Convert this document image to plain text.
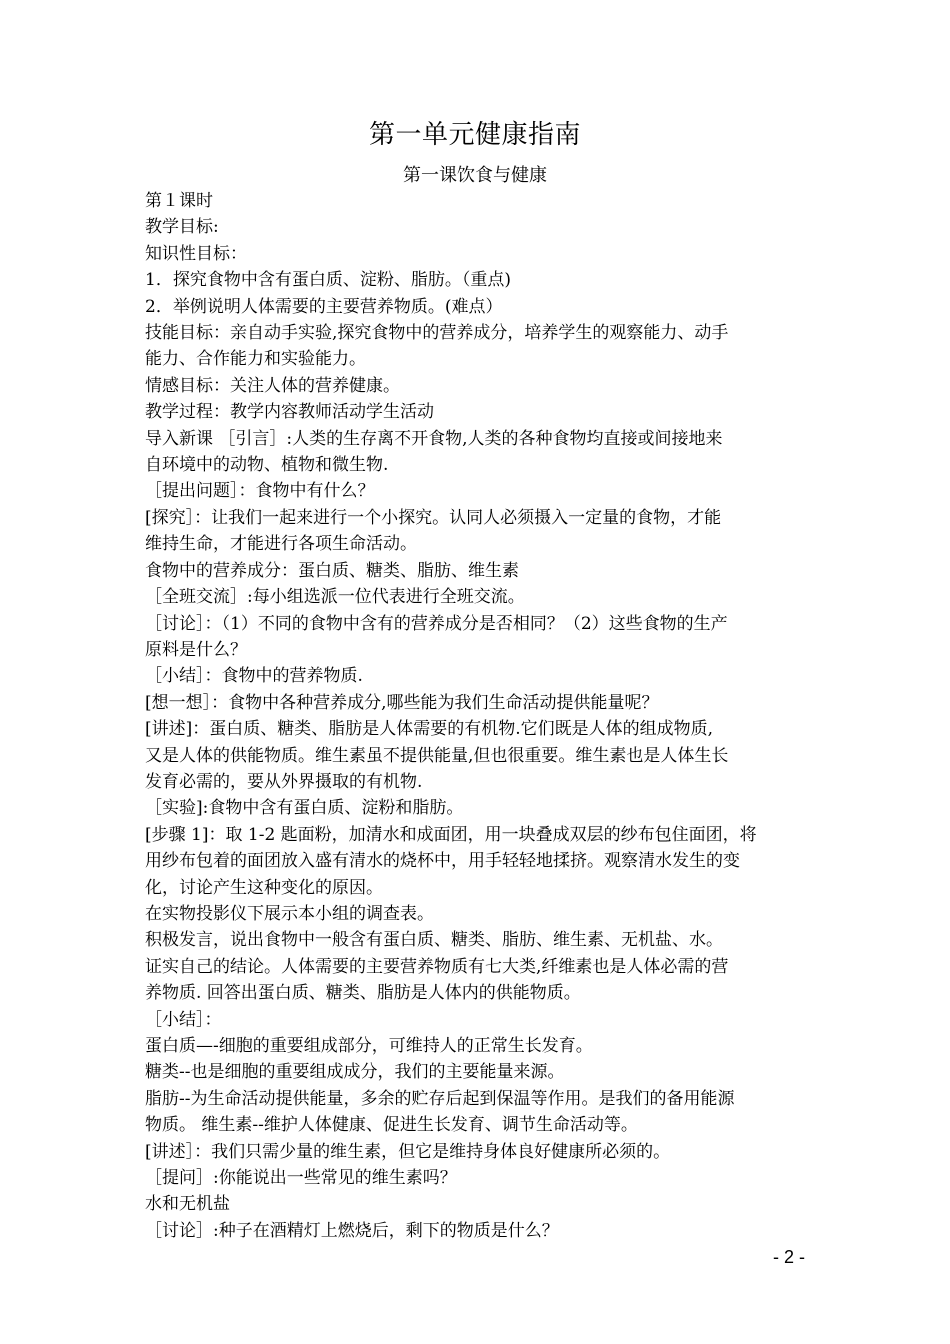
第一单元健康指南
第一课饮食与健康
第１课时
教学目标:
知识性目标：
1．探究食物中含有蛋白质、淀粉、脂肪。（重点)
2．举例说明人体需要的主要营养物质。(难点）
技能目标：亲自动手实验,探究食物中的营养成分，培养学生的观察能力、动手
能力、合作能力和实验能力。
情感目标：关注人体的营养健康。
教学过程：教学内容教师活动学生活动
导入新课 ［引言］:人类的生存离不开食物,人类的各种食物均直接或间接地来
自环境中的动物、植物和微生物.
［提出问题］：食物中有什么？
[探究］：让我们一起来进行一个小探究。认同人必须摄入一定量的食物，才能
维持生命，才能进行各项生命活动。
食物中的营养成分：蛋白质、糖类、脂肪、维生素
［全班交流］:每小组选派一位代表进行全班交流。
［讨论］：（1）不同的食物中含有的营养成分是否相同？（2）这些食物的生产
原料是什么？
［小结］：食物中的营养物质.
[想一想］：食物中各种营养成分,哪些能为我们生命活动提供能量呢？
[讲述]：蛋白质、糖类、脂肪是人体需要的有机物.它们既是人体的组成物质,
又是人体的供能物质。维生素虽不提供能量,但也很重要。维生素也是人体生长
发育必需的，要从外界摄取的有机物.
［实验]:食物中含有蛋白质、淀粉和脂肪。
[步骤 1]：取 1-2 匙面粉，加清水和成面团，用一块叠成双层的纱布包住面团，将
用纱布包着的面团放入盛有清水的烧杯中，用手轻轻地揉挤。观察清水发生的变
化，讨论产生这种变化的原因。
在实物投影仪下展示本小组的调查表。
积极发言，说出食物中一般含有蛋白质、糖类、脂肪、维生素、无机盐、水。
证实自己的结论。人体需要的主要营养物质有七大类,纤维素也是人体必需的营
养物质. 回答出蛋白质、糖类、脂肪是人体内的供能物质。
［小结］：
蛋白质—-细胞的重要组成部分，可维持人的正常生长发育。
糖类--也是细胞的重要组成成分，我们的主要能量来源。
脂肪--为生命活动提供能量，多余的贮存后起到保温等作用。是我们的备用能源
物质。 维生素--维护人体健康、促进生长发育、调节生命活动等。
[讲述］：我们只需少量的维生素，但它是维持身体良好健康所必须的。
［提问］:你能说出一些常见的维生素吗？
水和无机盐
［讨论］:种子在酒精灯上燃烧后，剩下的物质是什么？
- 2 -
